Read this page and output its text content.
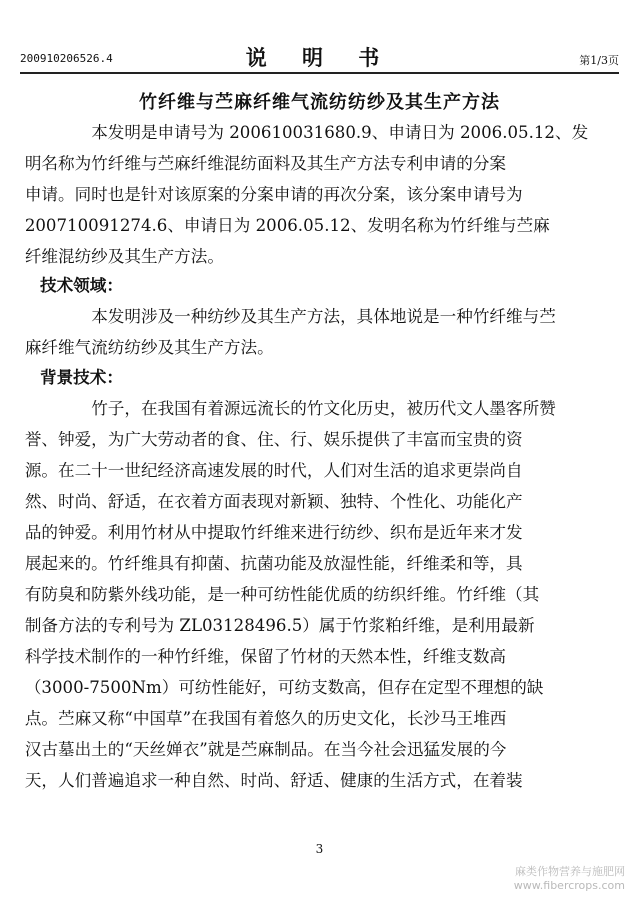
200910206526.4	说 明 书	第1/3页
竹纤维与苎麻纤维气流纺纺纱及其生产方法
本发明是申请号为 200610031680.9、申请日为 2006.05.12、发
明名称为竹纤维与苎麻纤维混纺面料及其生产方法专利申请的分案
申请。同时也是针对该原案的分案申请的再次分案，该分案申请号为
200710091274.6、申请日为 2006.05.12、发明名称为竹纤维与苎麻
纤维混纺纱及其生产方法。

技术领域：

本发明涉及一种纺纱及其生产方法，具体地说是一种竹纤维与苎
麻纤维气流纺纺纱及其生产方法。

背景技术：

竹子，在我国有着源远流长的竹文化历史，被历代文人墨客所赞
誉、钟爱，为广大劳动者的食、住、行、娱乐提供了丰富而宝贵的资
源。在二十一世纪经济高速发展的时代，人们对生活的追求更崇尚自
然、时尚、舒适，在衣着方面表现对新颖、独特、个性化、功能化产
品的钟爱。利用竹材从中提取竹纤维来进行纺纱、织布是近年来才发
展起来的。竹纤维具有抑菌、抗菌功能及放湿性能，纤维柔和等，具
有防臭和防紫外线功能，是一种可纺性能优质的纺织纤维。竹纤维（其
制备方法的专利号为 ZL03128496.5）属于竹浆粕纤维，是利用最新
科学技术制作的一种竹纤维，保留了竹材的天然本性，纤维支数高
（3000-7500Nm）可纺性能好，可纺支数高，但存在定型不理想的缺
点。苎麻又称“中国草”在我国有着悠久的历史文化，长沙马王堆西
汉古墓出土的“天丝婵衣”就是苎麻制品。在当今社会迅猛发展的今
天，人们普遍追求一种自然、时尚、舒适、健康的生活方式，在着装
3
麻类作物营养与施肥网
www.fibercrops.com
